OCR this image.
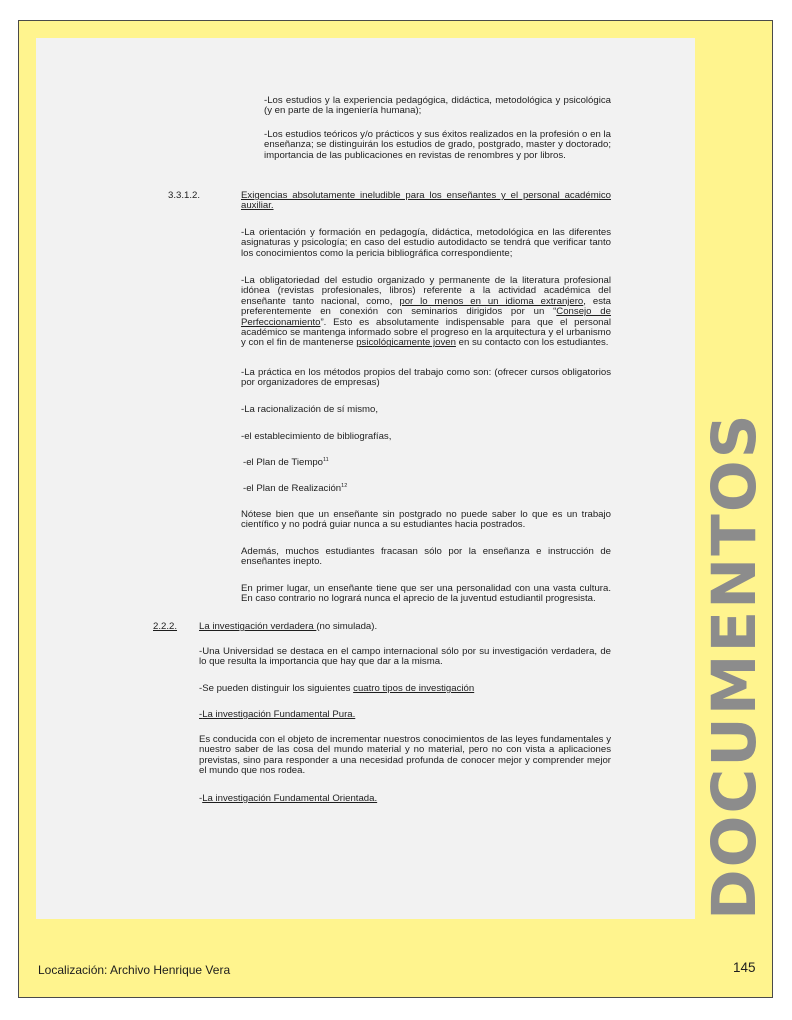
-Los estudios y la experiencia pedagógica, didáctica, metodológica y psicológica (y en parte de la ingeniería humana);

-Los estudios teóricos y/o prácticos y sus éxitos realizados en la profesión o en la enseñanza; se distinguirán los estudios de grado, postgrado, master y doctorado; importancia de las publicaciones en revistas de renombres y por libros.

3.3.1.2.	Exigencias absolutamente ineludible para los enseñantes y el personal académico auxiliar.

-La orientación y formación en pedagogía, didáctica, metodológica en las diferentes asignaturas y psicología; en caso del estudio autodidacto se tendrá que verificar tanto los conocimientos como la pericia bibliográfica correspondiente;

-La obligatoriedad del estudio organizado y permanente de la literatura profesional idónea (revistas profesionales, libros) referente a la actividad académica del enseñante tanto nacional, como, por lo menos en un idioma extranjero, esta preferentemente en conexión con seminarios dirigidos por un “Consejo de Perfeccionamiento”. Esto es absolutamente indispensable para que el personal académico se mantenga informado sobre el progreso en la arquitectura y el urbanismo y con el fin de mantenerse psicológicamente joven en su contacto con los estudiantes.

-La práctica en los métodos propios del trabajo como son: (ofrecer cursos obligatorios por organizadores de empresas)

-La racionalización de sí mismo,

-el establecimiento de bibliografías,

-el Plan de Tiempo$^{11}$

-el Plan de Realización$^{12}$

Nótese bien que un enseñante sin postgrado no puede saber lo que es un trabajo científico y no podrá guiar nunca a su estudiantes hacia postrados.

Además, muchos estudiantes fracasan sólo por la enseñanza e instrucción de enseñantes inepto.

En primer lugar, un enseñante tiene que ser una personalidad con una vasta cultura. En caso contrario no logrará nunca el aprecio de la juventud estudiantil progresista.

2.2.2. La investigación verdadera (no simulada).

-Una Universidad se destaca en el campo internacional sólo por su investigación verdadera, de lo que resulta la importancia que hay que dar a la misma.

-Se pueden distinguir los siguientes cuatro tipos de investigación

-La investigación Fundamental Pura.

Es conducida con el objeto de incrementar nuestros conocimientos de las leyes fundamentales y nuestro saber de las cosa del mundo material y no material, pero no con vista a aplicaciones previstas, sino para responder a una necesidad profunda de conocer mejor y comprender mejor el mundo que nos rodea.

-La investigación Fundamental Orientada.	DOCUMENTOS
Localización: Archivo Henrique Vera	145
